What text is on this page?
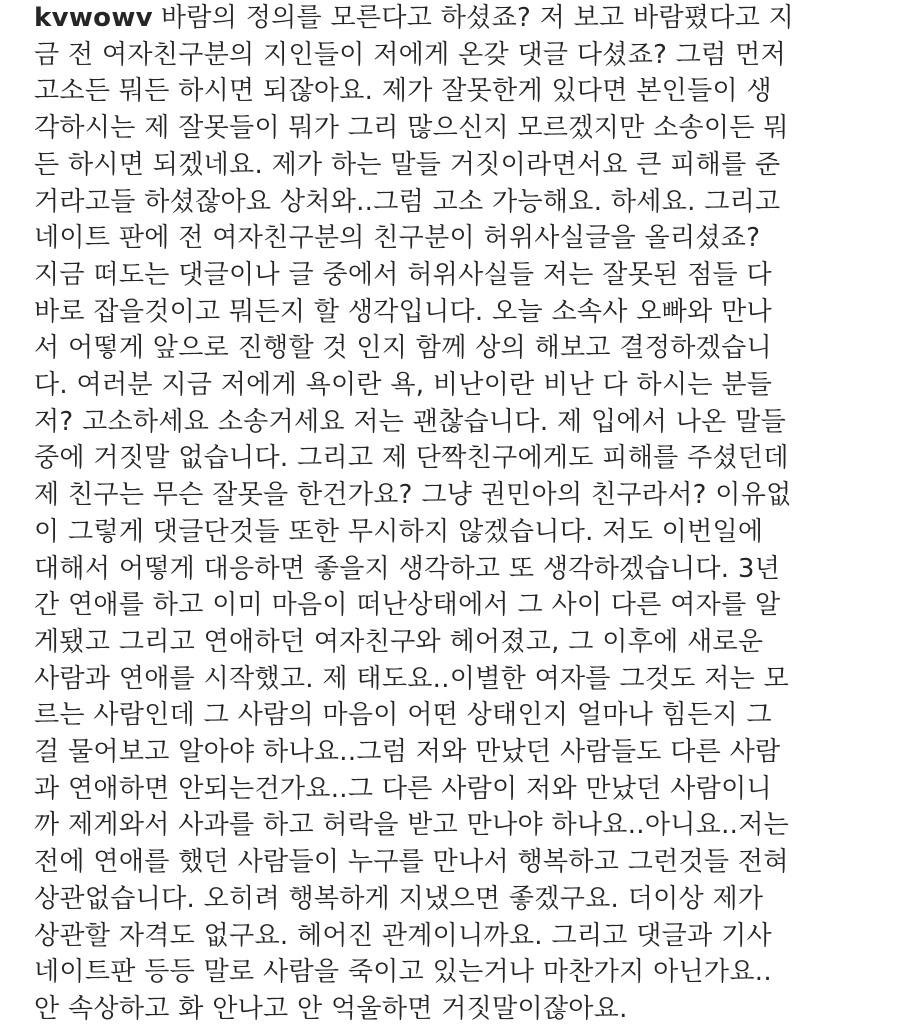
kvwowv 바람의 정의를 모른다고 하셨죠? 저 보고 바람폈다고 지
금 전 여자친구분의 지인들이 저에게 온갖 댓글 다셨죠? 그럼 먼저
고소든 뭐든 하시면 되잖아요. 제가 잘못한게 있다면 본인들이 생
각하시는 제 잘못들이 뭐가 그리 많으신지 모르겠지만 소송이든 뭐
든 하시면 되겠네요. 제가 하는 말들 거짓이라면서요 큰 피해를 준
거라고들 하셨잖아요 상처와..그럼 고소 가능해요. 하세요. 그리고
네이트 판에 전 여자친구분의 친구분이 허위사실글을 올리셨죠?
지금 떠도는 댓글이나 글 중에서 허위사실들 저는 잘못된 점들 다
바로 잡을것이고 뭐든지 할 생각입니다. 오늘 소속사 오빠와 만나
서 어떻게 앞으로 진행할 것 인지 함께 상의 해보고 결정하겠습니
다. 여러분 지금 저에게 욕이란 욕, 비난이란 비난 다 하시는 분들
저? 고소하세요 소송거세요 저는 괜찮습니다. 제 입에서 나온 말들
중에 거짓말 없습니다. 그리고 제 단짝친구에게도 피해를 주셨던데
제 친구는 무슨 잘못을 한건가요? 그냥 권민아의 친구라서? 이유없
이 그렇게 댓글단것들 또한 무시하지 않겠습니다. 저도 이번일에
대해서 어떻게 대응하면 좋을지 생각하고 또 생각하겠습니다. 3년
간 연애를 하고 이미 마음이 떠난상태에서 그 사이 다른 여자를 알
게됐고 그리고 연애하던 여자친구와 헤어졌고, 그 이후에 새로운
사람과 연애를 시작했고. 제 태도요..이별한 여자를 그것도 저는 모
르는 사람인데 그 사람의 마음이 어떤 상태인지 얼마나 힘든지 그
걸 물어보고 알아야 하나요..그럼 저와 만났던 사람들도 다른 사람
과 연애하면 안되는건가요..그 다른 사람이 저와 만났던 사람이니
까 제게와서 사과를 하고 허락을 받고 만나야 하나요..아니요..저는
전에 연애를 했던 사람들이 누구를 만나서 행복하고 그런것들 전혀
상관없습니다. 오히려 행복하게 지냈으면 좋겠구요. 더이상 제가
상관할 자격도 없구요. 헤어진 관계이니까요. 그리고 댓글과 기사
네이트판 등등 말로 사람을 죽이고 있는거나 마찬가지 아닌가요..
안 속상하고 화 안나고 안 억울하면 거짓말이잖아요.
